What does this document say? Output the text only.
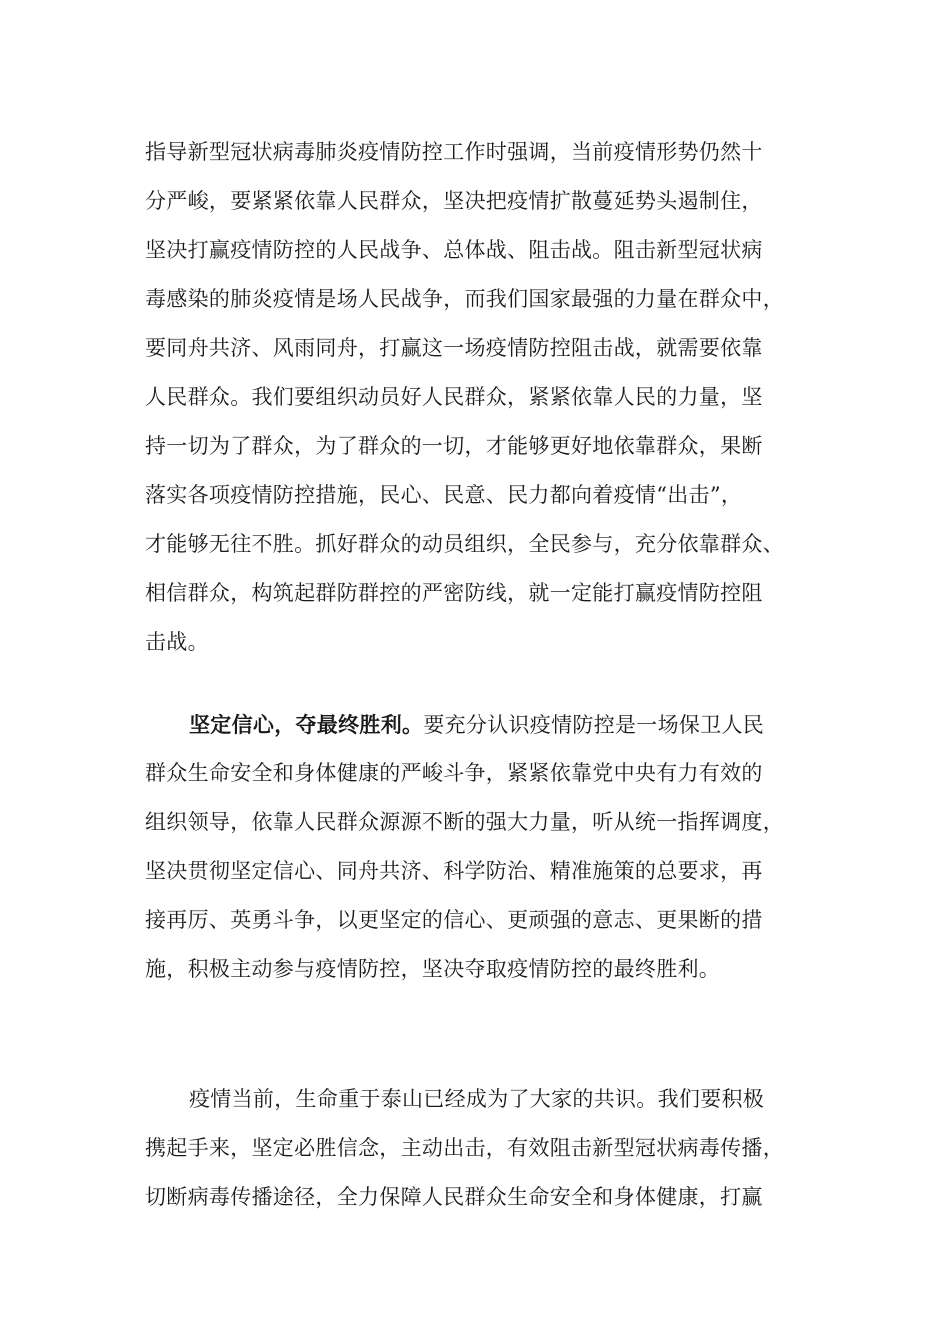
指导新型冠状病毒肺炎疫情防控工作时强调，当前疫情形势仍然十
分严峻，要紧紧依靠人民群众，坚决把疫情扩散蔓延势头遏制住，
坚决打赢疫情防控的人民战争、总体战、阻击战。阻击新型冠状病
毒感染的肺炎疫情是场人民战争，而我们国家最强的力量在群众中，
要同舟共济、风雨同舟，打赢这一场疫情防控阻击战，就需要依靠
人民群众。我们要组织动员好人民群众，紧紧依靠人民的力量，坚
持一切为了群众，为了群众的一切，才能够更好地依靠群众，果断
落实各项疫情防控措施，民心、民意、民力都向着疫情“出击”，
才能够无往不胜。抓好群众的动员组织，全民参与，充分依靠群众、
相信群众，构筑起群防群控的严密防线，就一定能打赢疫情防控阻
击战。
坚定信心，夺最终胜利。要充分认识疫情防控是一场保卫人民
群众生命安全和身体健康的严峻斗争，紧紧依靠党中央有力有效的
组织领导，依靠人民群众源源不断的强大力量，听从统一指挥调度，
坚决贯彻坚定信心、同舟共济、科学防治、精准施策的总要求，再
接再厉、英勇斗争，以更坚定的信心、更顽强的意志、更果断的措
施，积极主动参与疫情防控，坚决夺取疫情防控的最终胜利。
疫情当前，生命重于泰山已经成为了大家的共识。我们要积极
携起手来，坚定必胜信念，主动出击，有效阻击新型冠状病毒传播，
切断病毒传播途径，全力保障人民群众生命安全和身体健康，打赢
